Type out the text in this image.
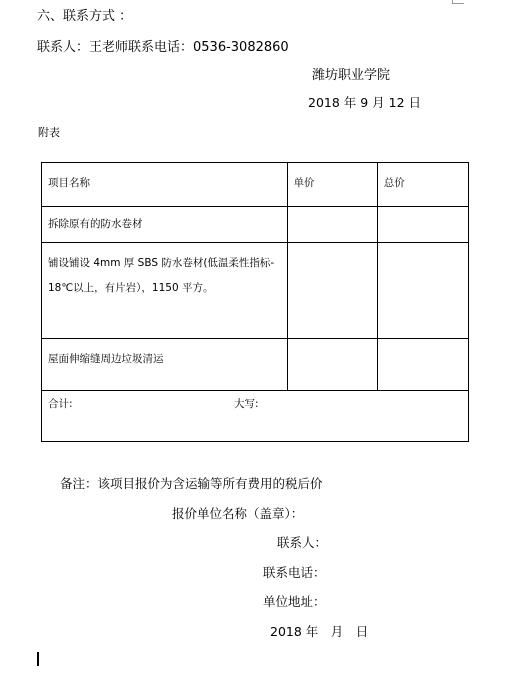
六、联系方式 ：
联系人：王老师联系电话：0536-3082860
潍坊职业学院
2018 年 9 月 12 日
附表
项目名称	单价	总价

拆除原有的防水卷材		

铺设铺设 4mm 厚 SBS 防水卷材(低温柔性指标-18℃以上，有片岩），1150 平方。		

屋面伸缩缝周边垃圾清运		

合计: 大写:		
备注：该项目报价为含运输等所有费用的税后价
报价单位名称（盖章）：
联系人：
联系电话：
单位地址：
2018 年　月　日
